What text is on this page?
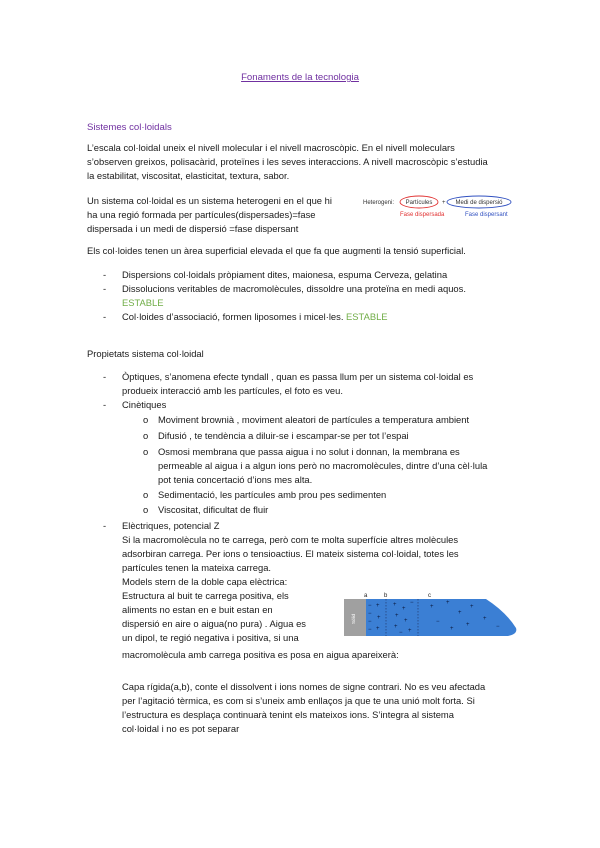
Fonaments de la tecnologia
Sistemes col·loidals
L’escala col·loidal uneix el nivell molecular i el nivell macroscòpic. En el nivell moleculars
s’observen greixos, polisacàrid, proteïnes i les seves interaccions. A nivell macroscòpic s’estudia
la estabilitat, viscositat, elasticitat, textura, sabor.
Un sistema col·loidal es un sistema heterogeni en el que hi
ha una regió formada per partícules(dispersades)=fase
dispersada i un medi de dispersió =fase dispersant
Heterogeni: Partícules + Medi de dispersió
Fase dispersada	Fase dispersant
Els col·loides tenen un àrea superficial elevada el que fa que augmenti la tensió superficial.
- Dispersions col·loidals pròpiament dites, maionesa, espuma Cerveza, gelatina
- Dissolucions veritables de macromolècules, dissoldre una proteïna en medi aquos.
ESTABLE
- Col·loides d’associació, formen liposomes i micel·les. ESTABLE
Propietats sistema col·loidal
- Òptiques, s’anomena efecte tyndall , quan es passa llum per un sistema col·loidal es
produeix interacció amb les partícules, el foto es veu.
- Cinètiques
o Moviment brownià , moviment aleatori de partícules a temperatura ambient
o Difusió , te tendència a diluir-se i escampar-se per tot l’espai
o Osmosi membrana que passa aigua i no solut i donnan, la membrana es
permeable al aigua i a algun ions però no macromolècules, dintre d’una cèl·lula
pot tenia concertació d’ions mes alta.
o Sedimentació, les partícules amb prou pes sedimenten
o Viscositat, dificultat de fluir
- Elèctriques, potencial Z
Si la macromolècula no te carrega, però com te molta superfície altres molècules
adsorbiran carrega. Per ions o tensioactius. El mateix sistema col·loidal, totes les
partícules tenen la mateixa carrega.
Models stern de la doble capa elèctrica:
Estructura al buit te carrega positiva, els
aliments no estan en e buit estan en
dispersió en aire o aigua(no pura) . Aigua es
un dipol, te regió negativa i positiva, si una
macromolècula amb carrega positiva es posa en aigua apareixerà:
a	b	c
Sòlid
−
−
−
−
+
+
+
+
+
+
+
+
+
−
−
+
+
+
−
+
+
+	−
+
Capa rígida(a,b), conte el dissolvent i ions nomes de signe contrari. No es veu afectada
per l’agitació tèrmica, es com si s’uneix amb enllaços ja que te una unió molt forta. Si
l’estructura es desplaça continuarà tenint els mateixos ions. S’integra al sistema
col·loidal i no es pot separar
